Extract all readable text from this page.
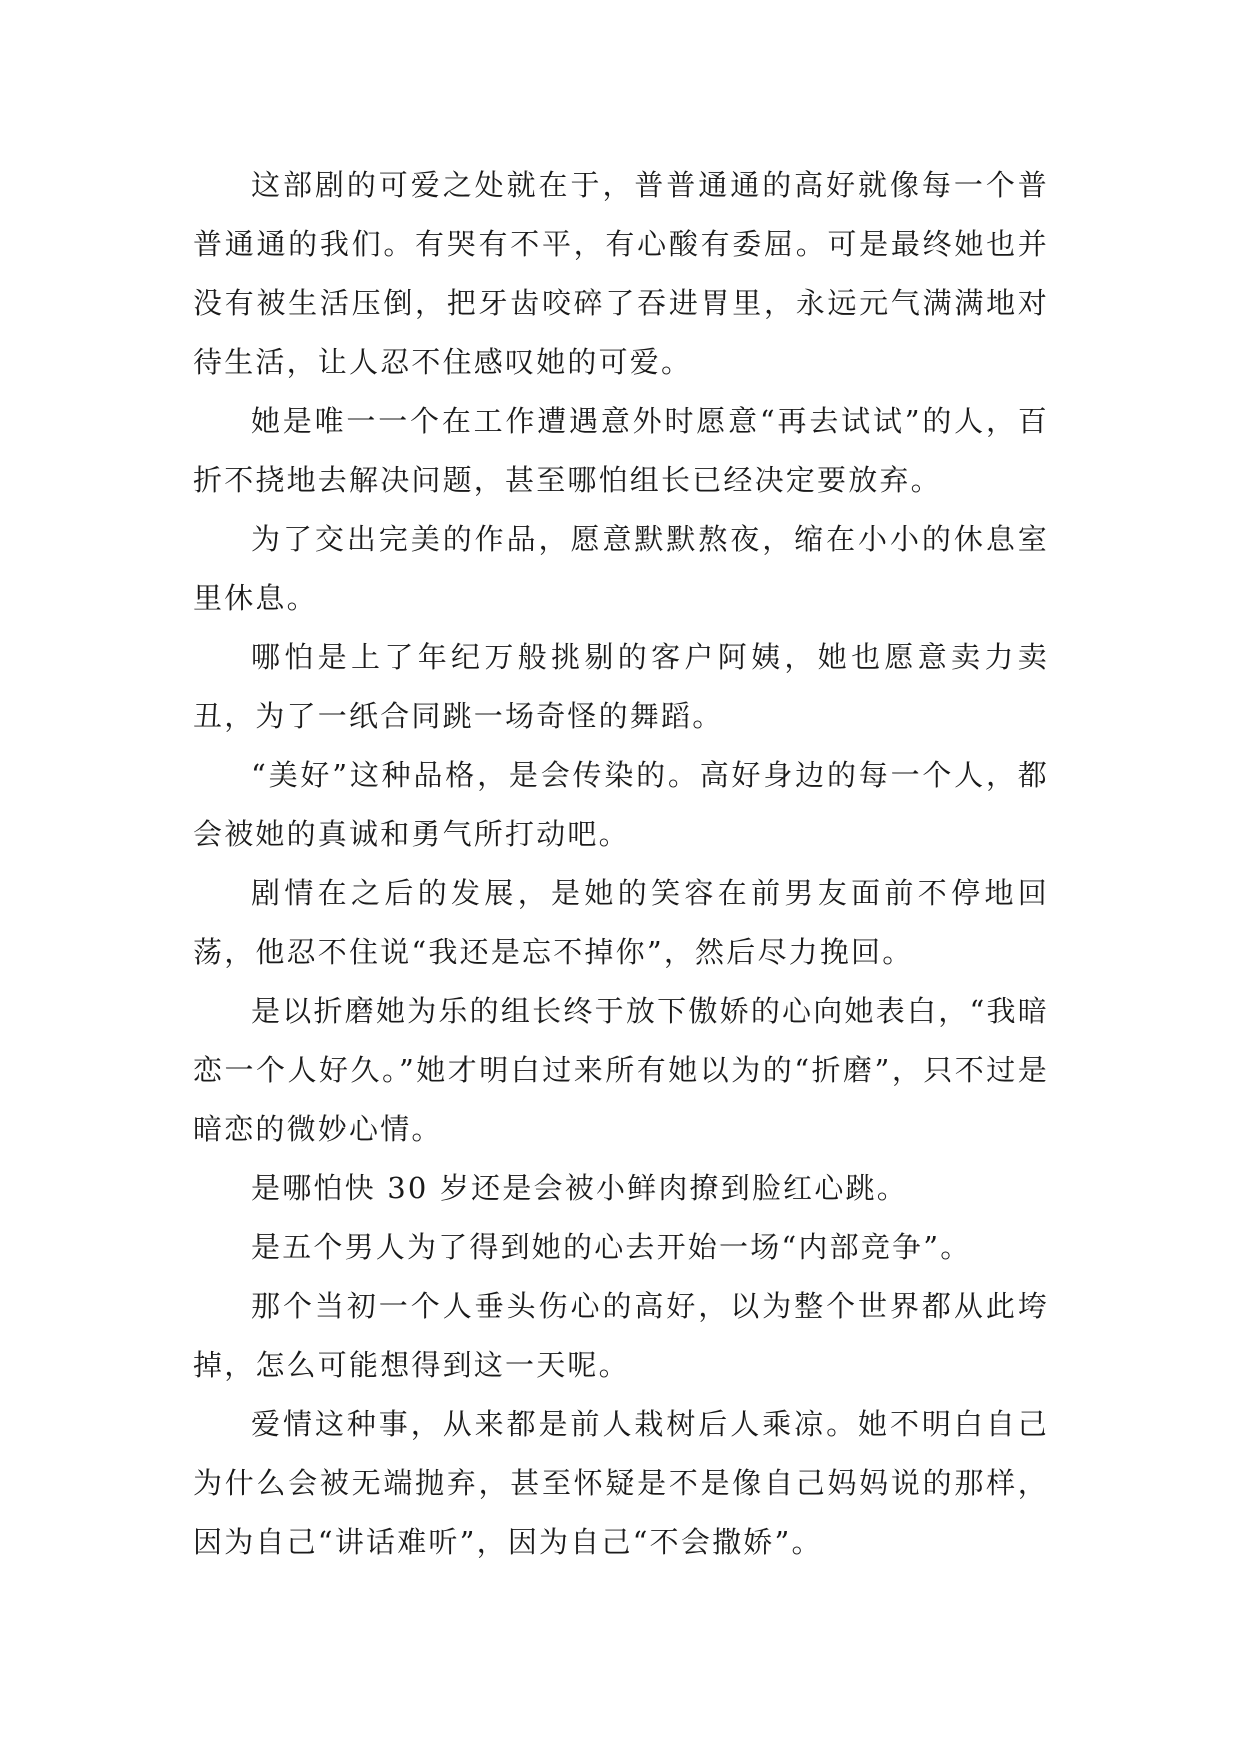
这部剧的可爱之处就在于，普普通通的高好就像每一个普普通通的我们。有哭有不平，有心酸有委屈。可是最终她也并没有被生活压倒，把牙齿咬碎了吞进胃里，永远元气满满地对待生活，让人忍不住感叹她的可爱。

她是唯一一个在工作遭遇意外时愿意“再去试试”的人，百折不挠地去解决问题，甚至哪怕组长已经决定要放弃。

为了交出完美的作品，愿意默默熬夜，缩在小小的休息室里休息。

哪怕是上了年纪万般挑剔的客户阿姨，她也愿意卖力卖丑，为了一纸合同跳一场奇怪的舞蹈。

“美好”这种品格，是会传染的。高好身边的每一个人，都会被她的真诚和勇气所打动吧。

剧情在之后的发展，是她的笑容在前男友面前不停地回荡，他忍不住说“我还是忘不掉你”，然后尽力挽回。

是以折磨她为乐的组长终于放下傲娇的心向她表白，“我暗恋一个人好久。”她才明白过来所有她以为的“折磨”，只不过是暗恋的微妙心情。

是哪怕快 30 岁还是会被小鲜肉撩到脸红心跳。

是五个男人为了得到她的心去开始一场“内部竞争”。

那个当初一个人垂头伤心的高好，以为整个世界都从此垮掉，怎么可能想得到这一天呢。

爱情这种事，从来都是前人栽树后人乘凉。她不明白自己为什么会被无端抛弃，甚至怀疑是不是像自己妈妈说的那样，因为自己“讲话难听”，因为自己“不会撒娇”。
